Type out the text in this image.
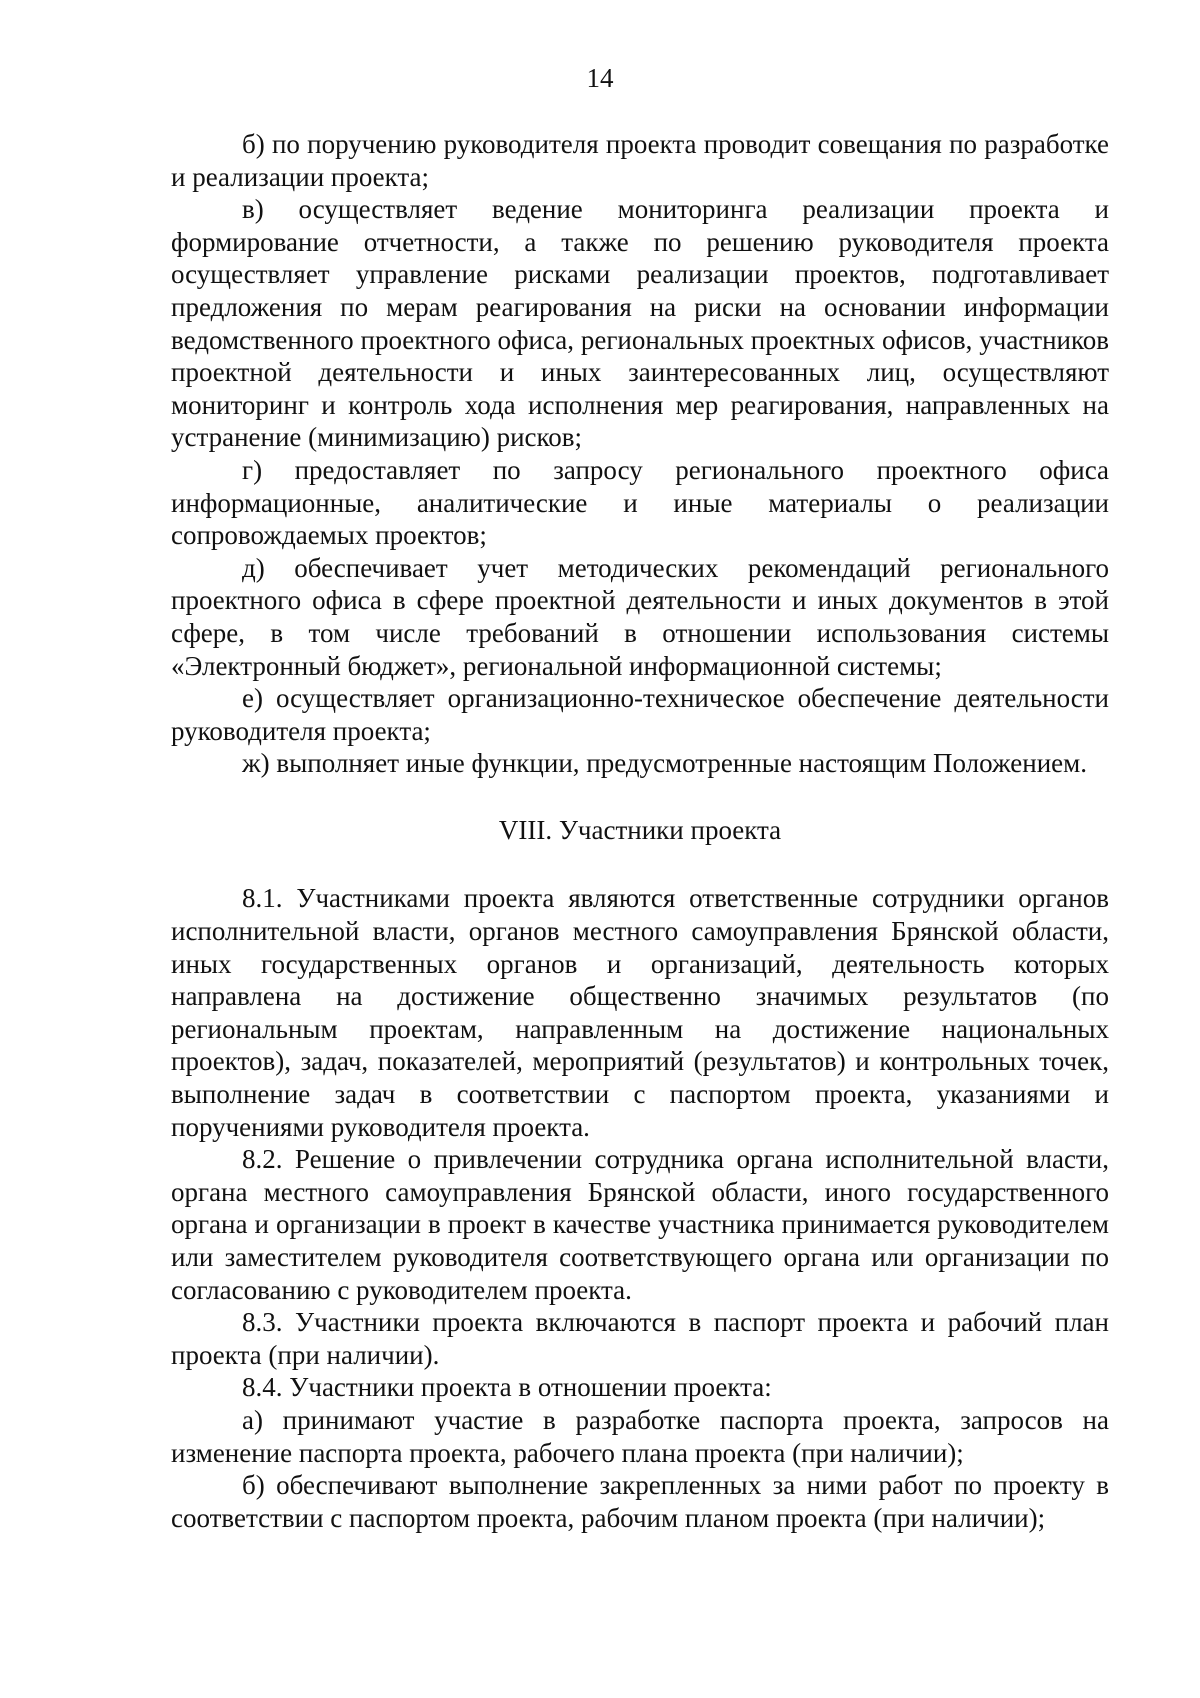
14

б) по поручению руководителя проекта проводит совещания по разработке и реализации проекта;

в) осуществляет ведение мониторинга реализации проекта и формирование отчетности, а также по решению руководителя проекта осуществляет управление рисками реализации проектов, подготавливает предложения по мерам реагирования на риски на основании информации ведомственного проектного офиса, региональных проектных офисов, участников проектной деятельности и иных заинтересованных лиц, осуществляют мониторинг и контроль хода исполнения мер реагирования, направленных на устранение (минимизацию) рисков;

г) предоставляет по запросу регионального проектного офиса информационные, аналитические и иные материалы о реализации сопровождаемых проектов;

д) обеспечивает учет методических рекомендаций регионального проектного офиса в сфере проектной деятельности и иных документов в этой сфере, в том числе требований в отношении использования системы «Электронный бюджет», региональной информационной системы;

е) осуществляет организационно-техническое обеспечение деятельности руководителя проекта;

ж) выполняет иные функции, предусмотренные настоящим Положением.

VIII. Участники проекта

8.1. Участниками проекта являются ответственные сотрудники органов исполнительной власти, органов местного самоуправления Брянской области, иных государственных органов и организаций, деятельность которых направлена на достижение общественно значимых результатов (по региональным проектам, направленным на достижение национальных проектов), задач, показателей, мероприятий (результатов) и контрольных точек, выполнение задач в соответствии с паспортом проекта, указаниями и поручениями руководителя проекта.

8.2. Решение о привлечении сотрудника органа исполнительной власти, органа местного самоуправления Брянской области, иного государственного органа и организации в проект в качестве участника принимается руководителем или заместителем руководителя соответствующего органа или организации по согласованию с руководителем проекта.

8.3. Участники проекта включаются в паспорт проекта и рабочий план проекта (при наличии).

8.4. Участники проекта в отношении проекта:

а) принимают участие в разработке паспорта проекта, запросов на изменение паспорта проекта, рабочего плана проекта (при наличии);

б) обеспечивают выполнение закрепленных за ними работ по проекту в соответствии с паспортом проекта, рабочим планом проекта (при наличии);
